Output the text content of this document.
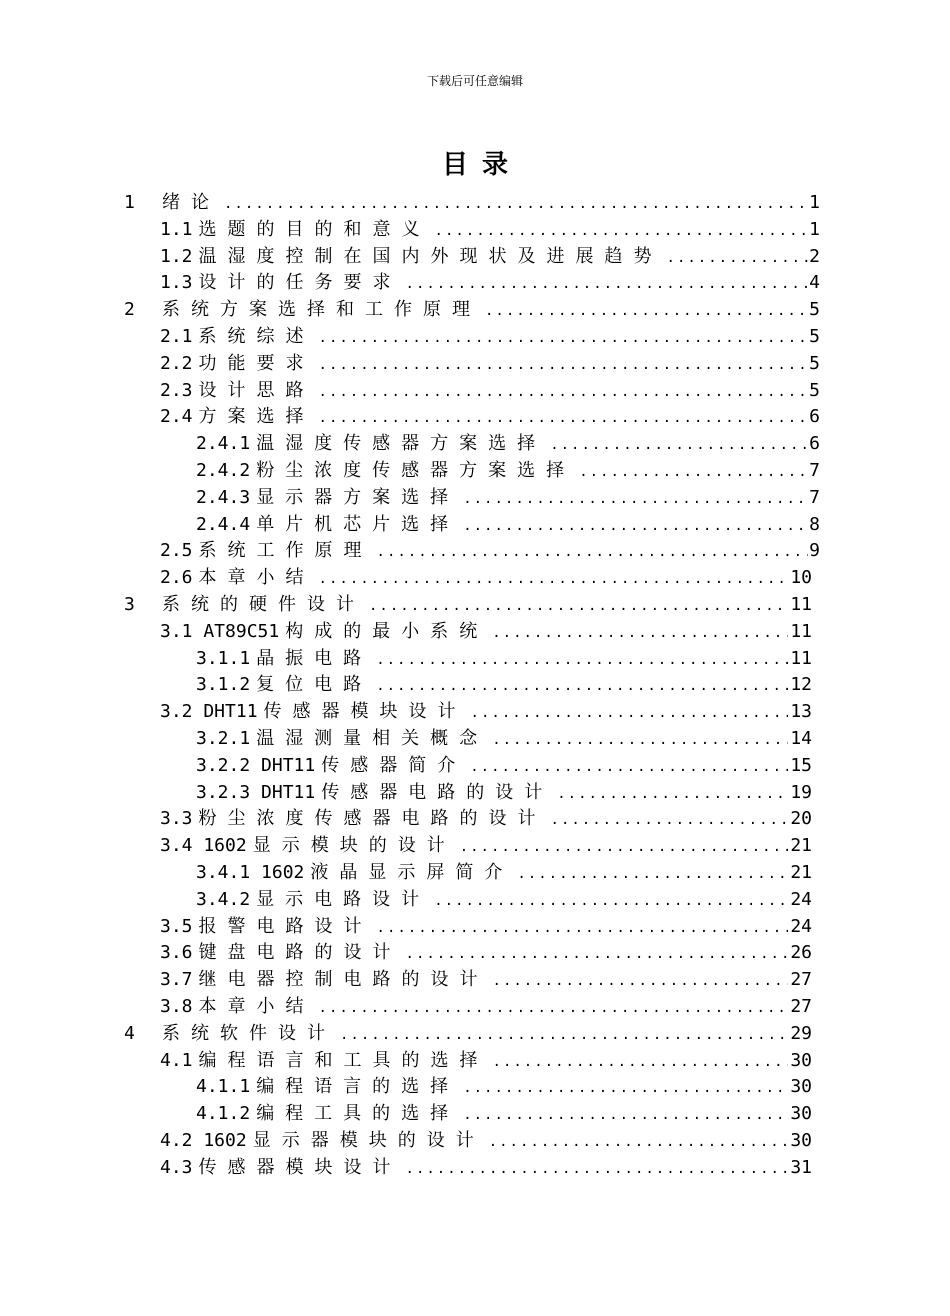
下载后可任意编辑
目录
1	绪论 .....	1
1.1 选题的目的和意义 .....	1
1.2 温湿度控制在国内外现状及进展趋势 .....	2
1.3 设计的任务要求 .....	4
2	系统方案选择和工作原理 .....	5
2.1 系统综述 .....	5
2.2 功能要求 .....	5
2.3 设计思路 .....	5
2.4 方案选择 .....	6
2.4.1 温湿度传感器方案选择 .....	6
2.4.2 粉尘浓度传感器方案选择 .....	7
2.4.3 显示器方案选择 .....	7
2.4.4 单片机芯片选择 .....	8
2.5 系统工作原理 .....	9
2.6 本章小结 .....	10
3	系统的硬件设计 .....	11
3.1 AT89C51 构成的最小系统 .....	11
3.1.1 晶振电路 .....	11
3.1.2 复位电路 .....	12
3.2 DHT11 传感器模块设计 .....	13
3.2.1 温湿测量相关概念 .....	14
3.2.2 DHT11 传感器简介 .....	15
3.2.3 DHT11 传感器电路的设计 .....	19
3.3 粉尘浓度传感器电路的设计 .....	20
3.4 1602 显示模块的设计 .....	21
3.4.1 1602 液晶显示屏简介 .....	21
3.4.2 显示电路设计 .....	24
3.5 报警电路设计 .....	24
3.6 键盘电路的设计 .....	26
3.7 继电器控制电路的设计 .....	27
3.8 本章小结 .....	27
4	系统软件设计 .....	29
4.1 编程语言和工具的选择 .....	30
4.1.1 编程语言的选择 .....	30
4.1.2 编程工具的选择 .....	30
4.2 1602 显示器模块的设计 .....	30
4.3 传感器模块设计 .....	31
